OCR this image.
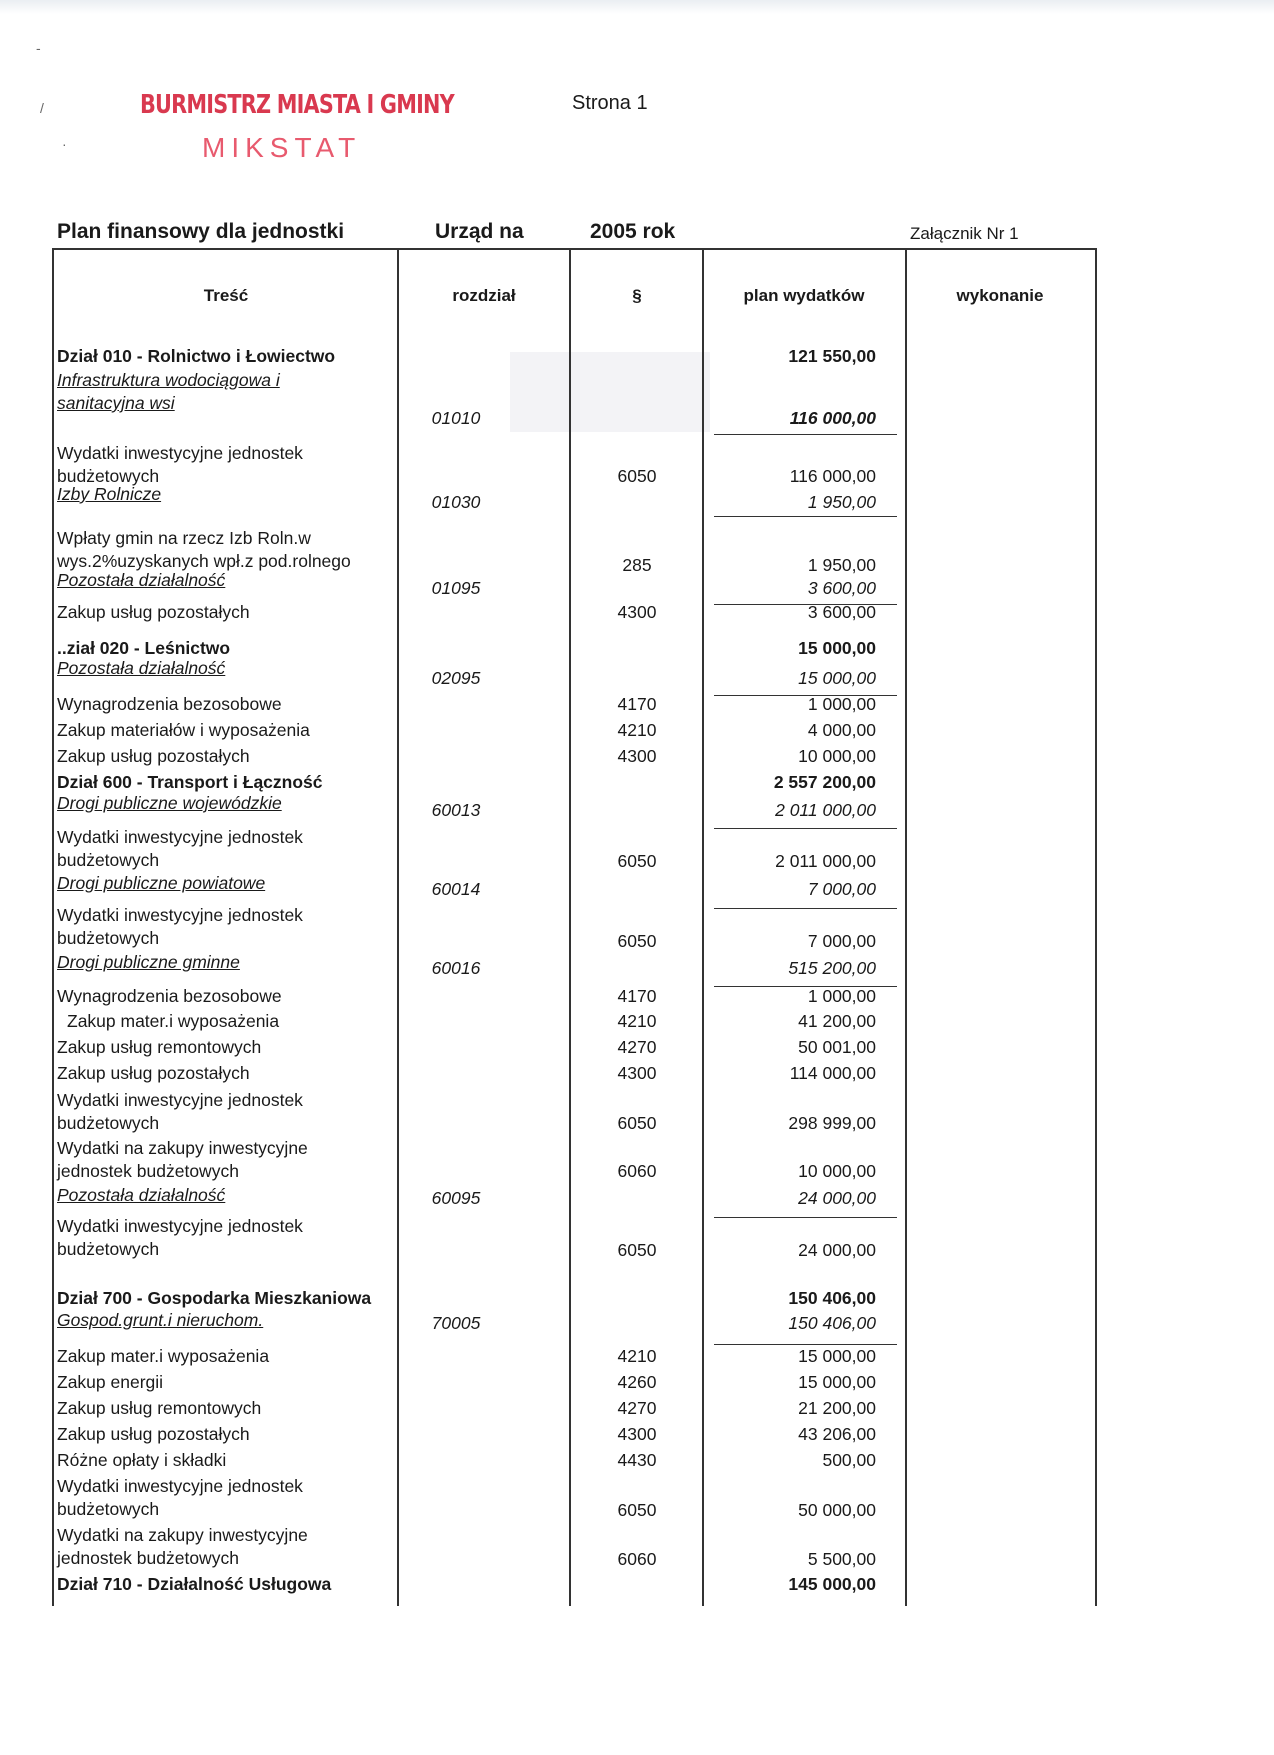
-
/
·
BURMISTRZ MIASTA I GMINY
MIKSTAT
Strona 1
Plan finansowy dla jednostki	Urząd na	2005 rok	Załącznik Nr 1
Treść	rozdział	§	plan wydatków	wykonanie
Dział 010 - Rolnictwo i Łowiectwo	121 550,00
Infrastruktura wodociągowa i
sanitacyjna wsi
01010	116 000,00
Wydatki inwestycyjne jednostek
budżetowych	6050	116 000,00
Izby Rolnicze	01030	1 950,00
Wpłaty gmin na rzecz Izb Roln.w
wys.2%uzyskanych wpł.z pod.rolnego	285	1 950,00
Pozostała działalność	01095	3 600,00
Zakup usług pozostałych	4300	3 600,00
..ział 020 - Leśnictwo	15 000,00
Pozostała działalność	02095	15 000,00
Wynagrodzenia bezosobowe	4170	1 000,00
Zakup materiałów i wyposażenia	4210	4 000,00
Zakup usług pozostałych	4300	10 000,00
Dział 600 - Transport i Łączność	2 557 200,00
Drogi publiczne wojewódzkie	60013	2 011 000,00
Wydatki inwestycyjne jednostek
budżetowych	6050	2 011 000,00
Drogi publiczne powiatowe	60014	7 000,00
Wydatki inwestycyjne jednostek
budżetowych	6050	7 000,00
Drogi publiczne gminne	60016	515 200,00
Wynagrodzenia bezosobowe	4170	1 000,00
Zakup mater.i wyposażenia	4210	41 200,00
Zakup usług remontowych	4270	50 001,00
Zakup usług pozostałych	4300	114 000,00
Wydatki inwestycyjne jednostek
budżetowych	6050	298 999,00
Wydatki na zakupy inwestycyjne
jednostek budżetowych	6060	10 000,00
Pozostała działalność	60095	24 000,00
Wydatki inwestycyjne jednostek
budżetowych	6050	24 000,00
Dział 700 - Gospodarka Mieszkaniowa	150 406,00
Gospod.grunt.i nieruchom.	70005	150 406,00
Zakup mater.i wyposażenia	4210	15 000,00
Zakup energii	4260	15 000,00
Zakup usług remontowych	4270	21 200,00
Zakup usług pozostałych	4300	43 206,00
Różne opłaty i składki	4430	500,00
Wydatki inwestycyjne jednostek
budżetowych	6050	50 000,00
Wydatki na zakupy inwestycyjne
jednostek budżetowych	6060	5 500,00
Dział 710 - Działalność Usługowa	145 000,00
